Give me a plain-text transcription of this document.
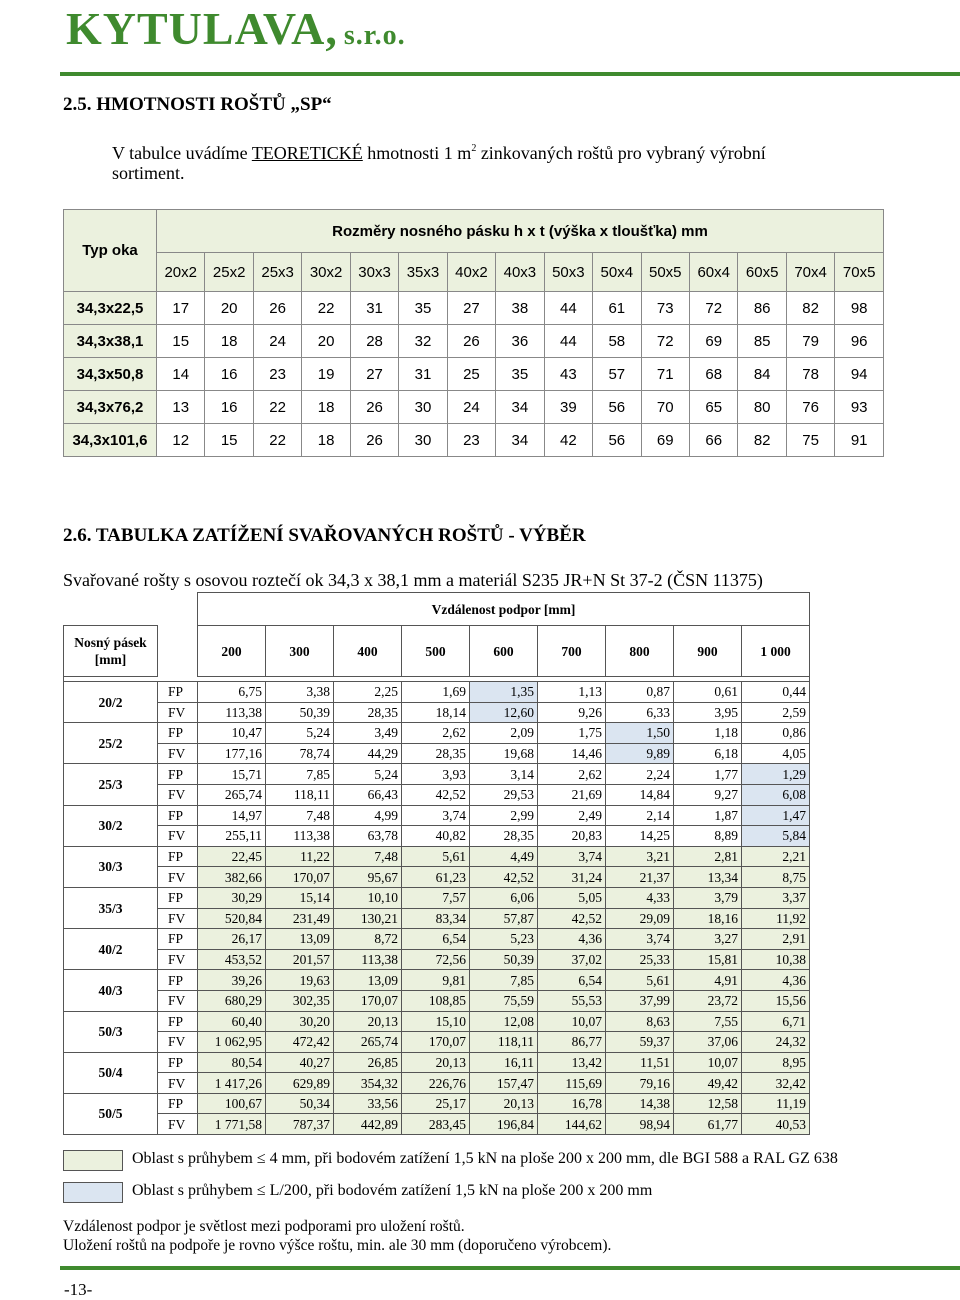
KYTULAVA, s.r.o.
2.5. HMOTNOSTI ROŠTŮ „SP“
V tabulce uvádíme TEORETICKÉ hmotnosti 1 $m^2$ zinkovaných roštů pro vybraný výrobní
sortiment.
Typ oka	Rozměry nosného pásku h x t (výška x tloušťka) mm														
	20x2	25x2	25x3	30x2	30x3	35x3	40x2	40x3	50x3	50x4	50x5	60x4	60x5	70x4	70x5
34,3x22,5	17	20	26	22	31	35	27	38	44	61	73	72	86	82	98
34,3x38,1	15	18	24	20	28	32	26	36	44	58	72	69	85	79	96
34,3x50,8	14	16	23	19	27	31	25	35	43	57	71	68	84	78	94
34,3x76,2	13	16	22	18	26	30	24	34	39	56	70	65	80	76	93
34,3x101,6	12	15	22	18	26	30	23	34	42	56	69	66	82	75	91
2.6. TABULKA ZATÍŽENÍ SVAŘOVANÝCH ROŠTŮ - VÝBĚR
Svařované rošty s osovou roztečí ok 34,3 x 38,1 mm a materiál S235 JR+N St 37-2 (ČSN 11375)
		Vzdálenost podpor [mm]								

Nosný pásek
[mm]		200	300	400	500	600	700	800	900	1 000

20/2	FP	6,75	3,38	2,25	1,69	1,35	1,13	0,87	0,61	0,44
	FV	113,38	50,39	28,35	18,14	12,60	9,26	6,33	3,95	2,59
25/2	FP	10,47	5,24	3,49	2,62	2,09	1,75	1,50	1,18	0,86
	FV	177,16	78,74	44,29	28,35	19,68	14,46	9,89	6,18	4,05
25/3	FP	15,71	7,85	5,24	3,93	3,14	2,62	2,24	1,77	1,29
	FV	265,74	118,11	66,43	42,52	29,53	21,69	14,84	9,27	6,08
30/2	FP	14,97	7,48	4,99	3,74	2,99	2,49	2,14	1,87	1,47
	FV	255,11	113,38	63,78	40,82	28,35	20,83	14,25	8,89	5,84
30/3	FP	22,45	11,22	7,48	5,61	4,49	3,74	3,21	2,81	2,21
	FV	382,66	170,07	95,67	61,23	42,52	31,24	21,37	13,34	8,75
35/3	FP	30,29	15,14	10,10	7,57	6,06	5,05	4,33	3,79	3,37
	FV	520,84	231,49	130,21	83,34	57,87	42,52	29,09	18,16	11,92
40/2	FP	26,17	13,09	8,72	6,54	5,23	4,36	3,74	3,27	2,91
	FV	453,52	201,57	113,38	72,56	50,39	37,02	25,33	15,81	10,38
40/3	FP	39,26	19,63	13,09	9,81	7,85	6,54	5,61	4,91	4,36
	FV	680,29	302,35	170,07	108,85	75,59	55,53	37,99	23,72	15,56
50/3	FP	60,40	30,20	20,13	15,10	12,08	10,07	8,63	7,55	6,71
	FV	1 062,95	472,42	265,74	170,07	118,11	86,77	59,37	37,06	24,32
50/4	FP	80,54	40,27	26,85	20,13	16,11	13,42	11,51	10,07	8,95
	FV	1 417,26	629,89	354,32	226,76	157,47	115,69	79,16	49,42	32,42
50/5	FP	100,67	50,34	33,56	25,17	20,13	16,78	14,38	12,58	11,19
	FV	1 771,58	787,37	442,89	283,45	196,84	144,62	98,94	61,77	40,53
Oblast s průhybem ≤ 4 mm, při bodovém zatížení 1,5 kN na ploše 200 x 200 mm, dle BGI 588 a RAL GZ 638
Oblast s průhybem ≤ L/200, při bodovém zatížení 1,5 kN na ploše 200 x 200 mm
Vzdálenost podpor je světlost mezi podporami pro uložení roštů.
Uložení roštů na podpoře je rovno výšce roštu, min. ale 30 mm (doporučeno výrobcem).
-13-
